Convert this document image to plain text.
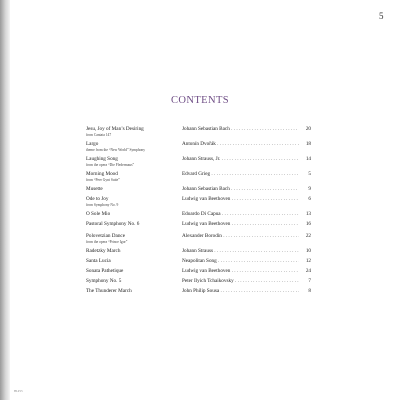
5
CONTENTS
Jesu, Joy of Man’s Desiring	Johann Sebastian Bach . . .	20
from Cantata 147
Largo	Antonín Dvořák . . .	18
theme from the “New World” Symphony
Laughing Song	Johann Strauss, Jr. . . .	14
from the opera “Die Fledermaus”
Morning Mood	Edvard Grieg . . .	5
from “Peer Gynt Suite”
Musette	Johann Sebastian Bach . . .	9
Ode to Joy	Ludwig van Beethoven . . .	6
from Symphony No. 9
O Sole Mio	Edoardo Di Capua . . .	13
Pastoral Symphony No. 6	Ludwig van Beethoven . . .	16
Polovetzian Dance	Alexander Borodin . . .	22
from the opera “Prince Igor”
Radetzky March	Johann Strauss . . .	10
Santa Lucia	Neapolitan Song . . .	12
Sonata Pathetique	Ludwig van Beethoven . . .	24
Symphony No. 5	Peter Ilyich Tchaikovsky . . .	7
The Thunderer March	John Philip Sousa . . .	8
HLP15
